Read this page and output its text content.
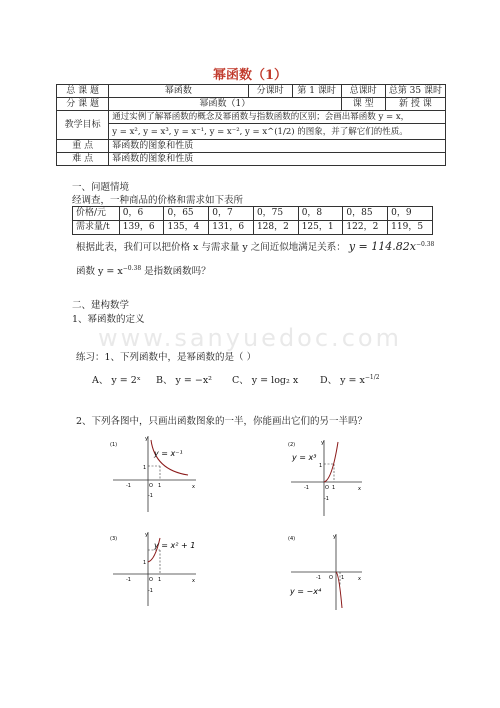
幂函数（1）
总 课 题	幂函数	分课时	第 1 课时	总课时	总第 35 课时
分 课 题	幂函数（1）			课 型	新 授 课
教学目标	通过实例了解幂函数的概念及幂函数与指数函数的区别；会画出幂函数 y = x，				
	y = x², y = x³, y = x⁻¹, y = x⁻², y = x^(1/2) 的图象，并了解它们的性质。				
重 点	幂函数的图象和性质				
难 点	幂函数的图象和性质				
一、问题情境
经调查，一种商品的价格和需求如下表所
价格/元	0，6	0，65	0，7	0，75	0，8	0，85	0，9
需求量/t	139，6	135，4	131，6	128，2	125，1	122，2	119，5
根据此表，我们可以把价格 x 与需求量 y 之间近似地满足关系： $y = 114.82x^{-0.38}$
函数 $y = x^{-0.38}$ 是指数函数吗？
二、建构数学
1、幂函数的定义
www.sanyuedoc.com
练习：1、下列函数中，是幂函数的是（ ）
A、 y = 2ˣ B、 y = −x² C、 y = log₂ x D、 $y = x^{-1/2}$
2、下列各图中，只画出函数图象的一半，你能画出它们的另一半吗？
(1)
y = x⁻¹
y
x
O
1
-1	1
-1
(2)
y = x³
y
x
O
1
-1	1
-1
(3)
y = x² + 1
y
x
O
1
-1	1
-1
(4)
y = −x⁴
y
x
O
-1	1
